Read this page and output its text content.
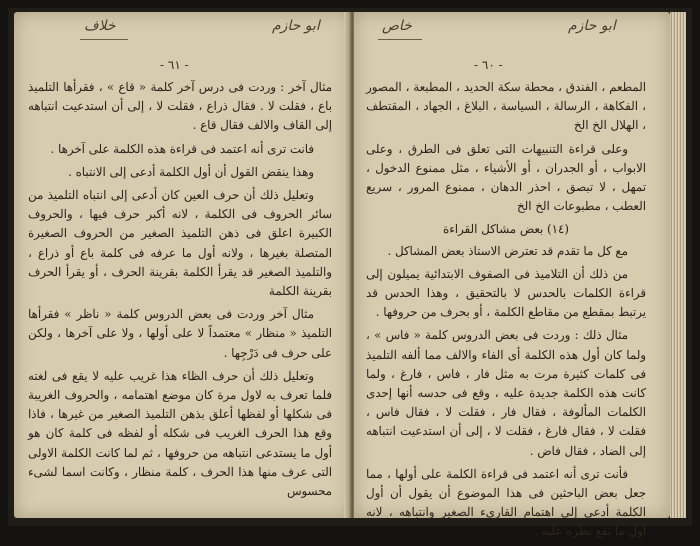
خلاف	ابو حازم
- ٦١ -

مثال آخر : وردت فى درس آخر كلمة « قاع » ، فقرأها التلميذ باع ، فقلت لا . فقال ذراع ، فقلت لا ، إلى أن استدعيت انتباهه إلى القاف والالف فقال قاع .

فانت ترى أنه اعتمد فى قراءة هذه الكلمة على آخرها .

وهذا ينقض القول أن أول الكلمة أدعى إلى الانتباه .

وتعليل ذلك أن حرف العين كان أدعى إلى انتباه التلميذ من سائر الحروف فى الكلمة ، لانه أكبر حرف فيها ، والحروف الكبيرة اعلق فى ذهن التلميذ الصغير من الحروف الصغيرة المتصلة بغيرها ، ولانه أول ما عرفه فى كلمة باع أو ذراع ، والتلميذ الصغير قد يقرأ الكلمة بقرينة الحرف ، أو يقرأ الحرف بقرينة الكلمة

مثال آخر وردت فى بعض الدروس كلمة « ناظر » فقرأها التلميذ « منظار » معتمداً لا على أولها ، ولا على آخرها ، ولكن على حرف فى دَرْجِها .

وتعليل ذلك أن حرف الظاء هذا غريب عليه لا يقع فى لغته فلما تعرف به لاول مرة كان موضع اهتمامه ، والحروف الغريبة فى شكلها أو لفظها أعلق بذهن التلميذ الصغير من غيرها ، فاذا وقع هذا الحرف الغريب فى شكله أو لفظه فى كلمة كان هو أول ما يستدعى انتباهه من حروفها ، ثم لما كانت الكلمة الاولى التى عرف منها هذا الحرف ، كلمة منظار ، وكانت اسما لشىء محسوس

خاص	ابو حازم
- ٦٠ -

المطعم ، الفندق ، محطة سكة الحديد ، المطبعة ، المصور ، الفكاهة ، الرسالة ، السياسة ، البلاغ ، الجهاد ، المقتطف ، الهلال الخ الخ

وعلى قراءة التنبيهات التى تعلق فى الطرق ، وعلى الابواب ، أو الجدران ، أو الأشياء ، مثل ممنوع الدخول ، تمهل ، لا تبصق ، احذر الدهان ، ممنوع المرور ، سريع العطب ، مطبوعات الخ الخ

(١٤) بعض مشاكل القراءة

مع كل ما تقدم قد تعترض الاستاذ بعض المشاكل .

من ذلك أن التلاميذ فى الصفوف الابتدائية يميلون إلى قراءة الكلمات بالحدس لا بالتحقيق ، وهذا الحدس قد يرتبط بمقطع من مقاطع الكلمة ، أو بحرف من حروفها .

مثال ذلك : وردت فى بعض الدروس كلمة « فاس » ، ولما كان أول هذه الكلمة أى الفاء والالف مما ألفه التلميذ فى كلمات كثيرة مرت به مثل فار ، فاس ، فارغ ، ولما كانت هذه الكلمة جديدة عليه ، وقع فى حدسه أنها إحدى الكلمات المألوفة ، فقال فار ، فقلت لا ، فقال فاس ، فقلت لا ، فقال فارغ ، فقلت لا ، إلى أن استدعيت انتباهه إلى الضاد ، فقال فاض .

فأنت ترى أنه اعتمد فى قراءة الكلمة على أولها ، مما جعل بعض الباحثين فى هذا الموضوع أن يقول أن أول الكلمة أدعى إلى اهتمام القارىء الصغير وانتباهه ، لانه أول ما يقع نظره عليه .
